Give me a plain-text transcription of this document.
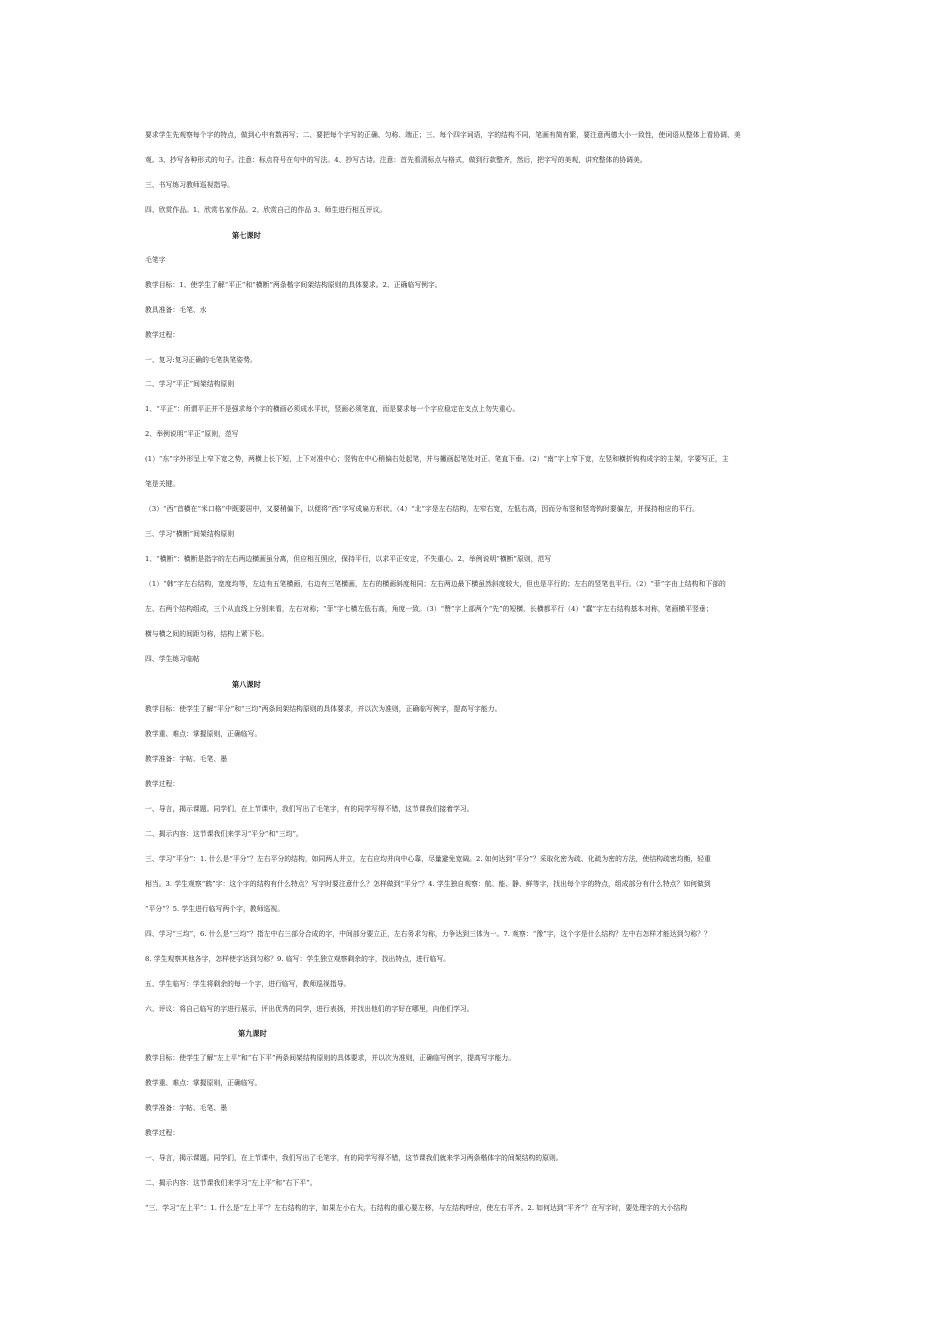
要求学生先观察每个字的特点，做到心中有数再写；二、要把每个字写的正确、匀称、端正；三、每个四字词语，字的结构不同，笔画有简有繁，要注意两德大小一致性，使词语从整体上看协调、美
观。3、抄写各种形式的句子。注意：标点符号在句中的写法。4、抄写古诗。注意：首先看清标点与格式，做到行款整齐，然后，把字写的美观，讲究整体的协调美。
三、书写练习教师巡视指导。
四、欣赏作品。1、欣赏名家作品。2、欣赏自己的作品 3、师生进行相互评议。
第七课时
毛笔字
教学目标：1、使学生了解“平正”和“横断”两条楷字间架结构原则的具体要求。2、正确临写例字。
教具准备：毛笔、水
教学过程：
一、复习:复习正确的毛笔执笔姿势。
二、学习“平正”间架结构原则
1、“平正”：所谓平正并不是强求每个字的横画必须成水平状，竖画必须笔直，而是要求每一个字应稳定在支点上勿失重心。
2、举例说明“平正”原则，范写
(1）“东”字外形呈上窄下宽之势，两横上长下短，上下对准中心；竖钩在中心稍偏右处起笔，并与撇画起笔处对正、笔直下垂。（2）“南”字上窄下宽，左竖和横折钩构成字的主架，字要写正，主
笔是关键。
（3）“西”首横在“米口格”中既要居中，又要稍偏下，以便将“西”字写成扁方形状。（4）“北”字是左右结构，左窄右宽，左低右高，因而分布竖和竖弯钩时要偏左，并保持相应的平行。
三、学习“横断”间架结构原则
1、“横断”：横断是指字的左右两边横画虽分离，但应相互照应，保持平行，以求平正安定，不失重心。2、举例说明“横断”原则，范写
（1）“韩”字左右结构，宽度均等，左边有五笔横画，右边有三笔横画，左右的横画斜度相同；左右两边最下横虽然斜度较大，但也是平行的；左右的竖笔也平行。（2）“菲”字由上结构和下部的
左、右两个结构组成，三个从直线上分别来看，左右对称；“菲”字七横左低右高，角度一致。（3）“赞”字上部两个“先”的短横、长横都平行（4）“蠢”字左右结构基本对称，笔画横平竖垂；
横与横之间的间距匀称，结构上紧下松。
四、学生练习临帖
第八课时
教学目标：使学生了解“平分”和“三均”两条间架结构原则的具体要求，并以次为准则，正确临写例字，提高写字能力。
教学重、难点：掌握原则，正确临写。
教学准备：字帖、毛笔、墨
教学过程：
一、导言，揭示课题。同学们，在上节课中，我们写出了毛笔字，有的同学写得不错，这节课我们接着学习。
二、揭示内容：这节课我们来学习“平分”和“三均”。
三、学习“平分”：1. 什么是“平分”？左右平分的结构，如同两人并立，左右应均并向中心靠，尽量避免宽阔。2. 如何达到“平分”？采取化密为疏、化疏为密的方法，使结构疏密均衡，轻重
相当。3. 学生观察“鹤”字：这个字的结构有什么特点？写字时要注意什么？怎样做到“平分”？4. 学生独自观察：航、能、静、鲜等字，找出每个字的特点，组成部分有什么特点？如何做到
“平分”？5. 学生进行临写两个字，教师巡视。
四、学习“三均”，6. 什么是“三均”？指左中右三部分合成的字，中间部分要立正，左右务求匀称，力争达到三体为一。7. 观察：“豫”字，这个字是什么结构？左中右怎样才能达到匀称？？
8. 学生观察其他各字，怎样使字达到匀称？9. 临写：学生独立观察剩余的字，找出特点，进行临写。
五、学生临写：学生将剩余的每一个字，进行临写，教师巡视指导。
六、评议：将自己临写的字进行展示，评出优秀的同学，进行表扬，并找出他们的字好在哪里，向他们学习。
第九课时
教学目标：使学生了解“左上平”和“右下平”两条间架结构原则的具体要求，并以次为准则，正确临写例字，提高写字能力。
教学重、难点：掌握原则，正确临写。
教学准备：字帖、毛笔、墨
教学过程：
一、导言，揭示课题。同学们，在上节课中，我们写出了毛笔字，有的同学写得不错，这节课我们就来学习两条楷体字的间架结构的原则。
二、揭示内容：这节课我们来学习“左上平”和“右下平”。
“三、学习“左上平”：1. 什么是“左上平”？左右结构的字，如果左小右大，右结构的重心要左移，与左结构呼应，使左右平齐。2. 如何达到“平齐”？在写字时，要处理字的大小结构
